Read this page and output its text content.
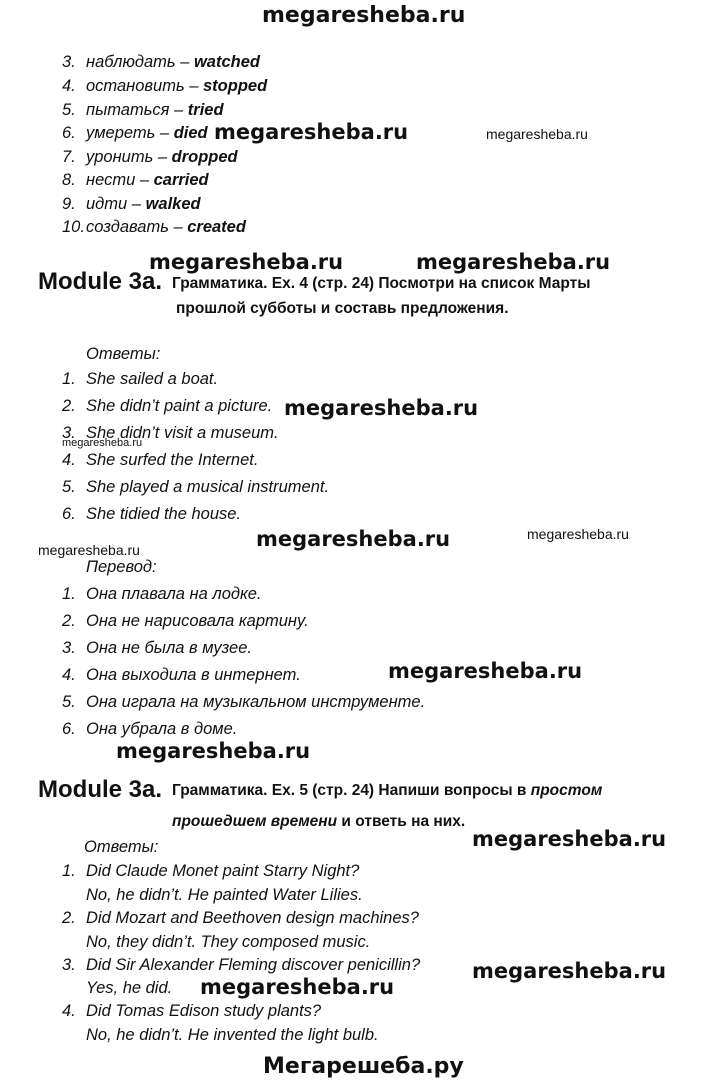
megaresheba.ru
3. наблюдать – watched
4. остановить – stopped
5. пытаться – tried
6. умереть – died
7. уронить – dropped
8. нести – carried
9. идти – walked
10.создавать – created
Module 3a. Грамматика. Ex. 4 (стр. 24) Посмотри на список Марты
прошлой субботы и составь предложения.
Ответы:
1. She sailed a boat.
2. She didn’t paint a picture.
3. She didn’t visit a museum.
4. She surfed the Internet.
5. She played a musical instrument.
6. She tidied the house.
Перевод:
1. Она плавала на лодке.
2. Она не нарисовала картину.
3. Она не была в музее.
4. Она выходила в интернет.
5. Она играла на музыкальном инструменте.
6. Она убрала в доме.
Module 3a. Грамматика. Ex. 5 (стр. 24) Напиши вопросы в простом
прошедшем времени и ответь на них.
Ответы:
1. Did Claude Monet paint Starry Night?
No, he didn’t. He painted Water Lilies.
2. Did Mozart and Beethoven design machines?
No, they didn’t. They composed music.
3. Did Sir Alexander Fleming discover penicillin?
Yes, he did.
4. Did Tomas Edison study plants?
No, he didn’t. He invented the light bulb.
megaresheba.ru	megaresheba.ru
megaresheba.ru	megaresheba.ru
megaresheba.ru
megaresheba.ru
megaresheba.ru	megaresheba.ru	megaresheba.ru
megaresheba.ru
megaresheba.ru
megaresheba.ru
megaresheba.ru
megaresheba.ru
Мегарешеба.ру
